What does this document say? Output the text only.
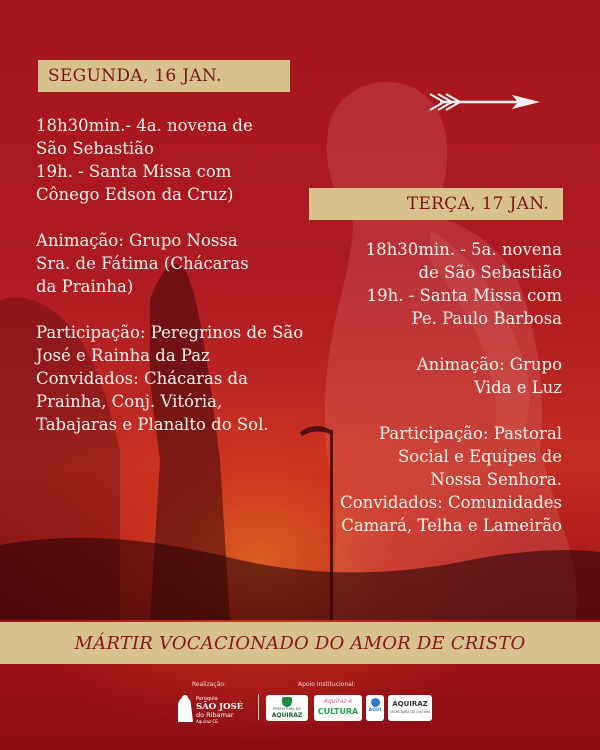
SEGUNDA, 16 JAN.
18h30min.- 4a. novena de
São Sebastião
19h. - Santa Missa com
Cônego Edson da Cruz)
Animação: Grupo Nossa
Sra. de Fátima (Chácaras
da Prainha)
Participação: Peregrinos de São
José e Rainha da Paz
Convidados: Chácaras da
Prainha, Conj. Vitória,
Tabajaras e Planalto do Sol.
TERÇA, 17 JAN.
18h30min. - 5a. novena
de São Sebastião
19h. - Santa Missa com
Pe. Paulo Barbosa
Animação: Grupo
Vida e Luz
Participação: Pastoral
Social e Equipes de
Nossa Senhora.
Convidados: Comunidades
Camará, Telha e Lameirão
MÁRTIR VOCACIONADO DO AMOR DE CRISTO
Realização:	Apoio Institucional:
Paróquia
SÃO JOSÉ
do Ribamar
Aquiraz-CE
PREFEITURA DE
AQUIRAZ
Aquiraz é
CULTURA	AQUI
AQUIRAZ
SECRETARIA DA CULTURA
